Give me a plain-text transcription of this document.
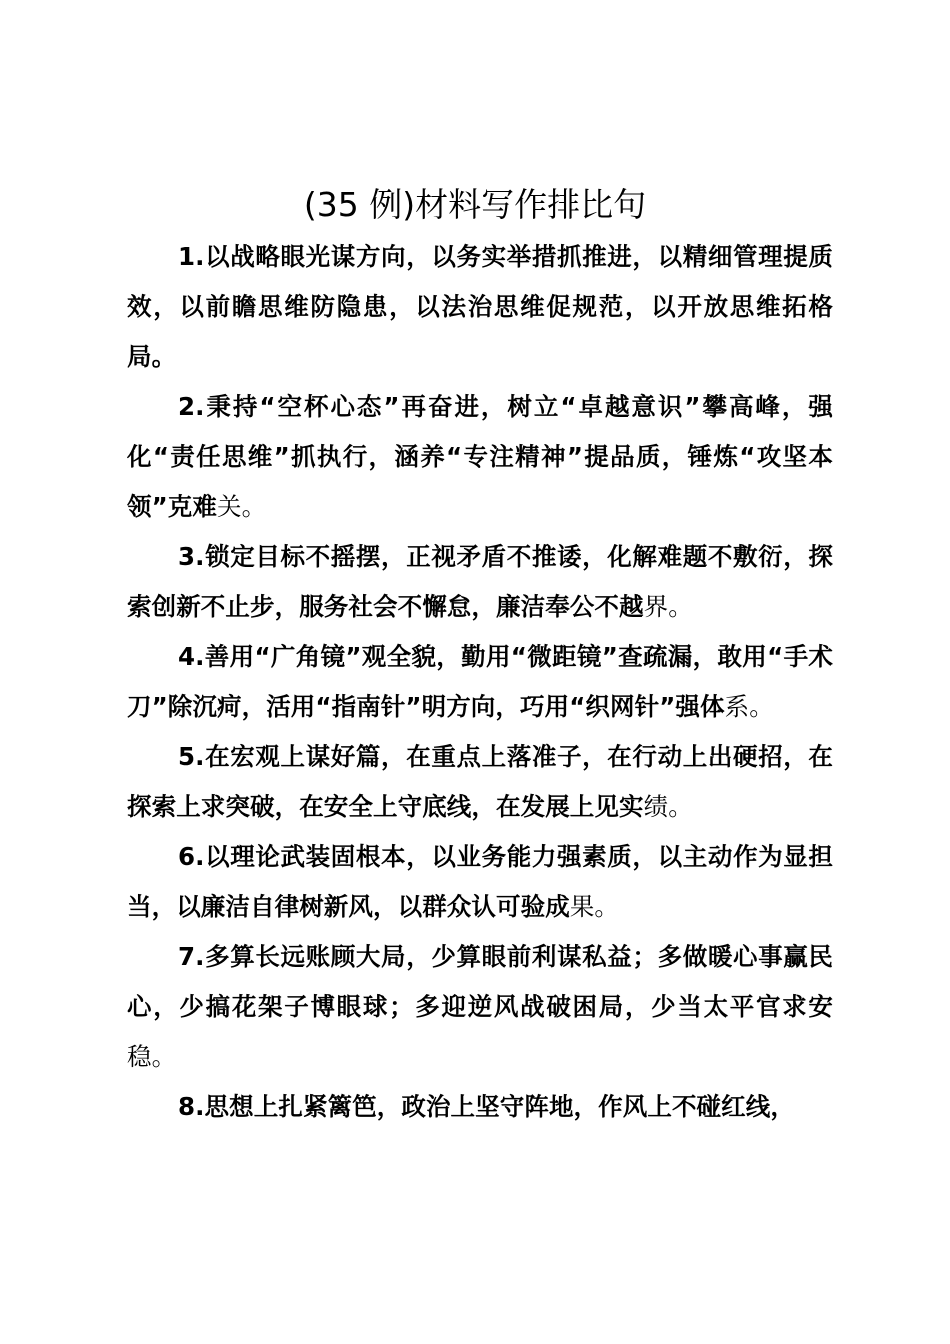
(35 例)材料写作排比句

1.以战略眼光谋方向，以务实举措抓推进，以精细管理提质效，以前瞻思维防隐患，以法治思维促规范，以开放思维拓格局。

2.秉持“空杯心态”再奋进，树立“卓越意识”攀高峰，强化“责任思维”抓执行，涵养“专注精神”提品质，锤炼“攻坚本领”克难关。

3.锁定目标不摇摆，正视矛盾不推诿，化解难题不敷衍，探索创新不止步，服务社会不懈怠，廉洁奉公不越界。

4.善用“广角镜”观全貌，勤用“微距镜”查疏漏，敢用“手术刀”除沉疴，活用“指南针”明方向，巧用“织网针”强体系。

5.在宏观上谋好篇，在重点上落准子，在行动上出硬招，在探索上求突破，在安全上守底线，在发展上见实绩。

6.以理论武装固根本，以业务能力强素质，以主动作为显担当，以廉洁自律树新风，以群众认可验成果。

7.多算长远账顾大局，少算眼前利谋私益；多做暖心事赢民心，少搞花架子博眼球；多迎逆风战破困局，少当太平官求安稳。

8.思想上扎紧篱笆，政治上坚守阵地，作风上不碰红线，
